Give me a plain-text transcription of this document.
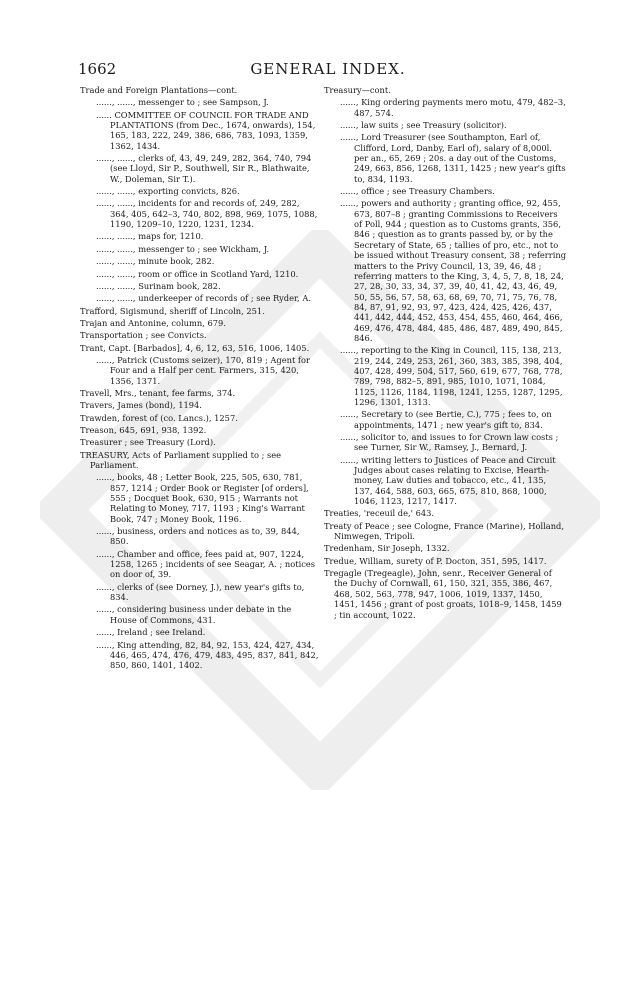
1662	GENERAL INDEX.
Trade and Foreign Plantations—cont.
......, ......, messenger to ; see Sampson, J.
...... COMMITTEE OF COUNCIL FOR TRADE AND PLANTATIONS (from Dec., 1674, onwards), 154, 165, 183, 222, 249, 386, 686, 783, 1093, 1359, 1362, 1434.
......, ......, clerks of, 43, 49, 249, 282, 364, 740, 794 (see Lloyd, Sir P., Southwell, Sir R., Blathwaite, W., Doleman, Sir T.).
......, ......, exporting convicts, 826.
......, ......, incidents for and records of, 249, 282, 364, 405, 642–3, 740, 802, 898, 969, 1075, 1088, 1190, 1209–10, 1220, 1231, 1234.
......, ......, maps for, 1210.
......, ......, messenger to ; see Wickham, J.
......, ......, minute book, 282.
......, ......, room or office in Scotland Yard, 1210.
......, ......, Surinam book, 282.
......, ......, underkeeper of records of ; see Ryder, A.
Trafford, Sigismund, sheriff of Lincoln, 251.
Trajan and Antonine, column, 679.
Transportation ; see Convicts.
Trant, Capt. [Barbados], 4, 6, 12, 63, 516, 1006, 1405.
......, Patrick (Customs seizer), 170, 819 ; Agent for Four and a Half per cent. Farmers, 315, 420, 1356, 1371.
Travell, Mrs., tenant, fee farms, 374.
Travers, James (bond), 1194.
Trawden, forest of (co. Lancs.), 1257.
Treason, 645, 691, 938, 1392.
Treasurer ; see Treasury (Lord).
TREASURY, Acts of Parliament supplied to ; see Parliament.
......, books, 48 ; Letter Book, 225, 505, 630, 781, 857, 1214 ; Order Book or Register [of orders], 555 ; Docquet Book, 630, 915 ; Warrants not Relating to Money, 717, 1193 ; King's Warrant Book, 747 ; Money Book, 1196.
......, business, orders and notices as to, 39, 844, 850.
......, Chamber and office, fees paid at, 907, 1224, 1258, 1265 ; incidents of see Seagar, A. ; notices on door of, 39.
......, clerks of (see Dorney, J.), new year's gifts to, 834.
......, considering business under debate in the House of Commons, 431.
......, Ireland ; see Ireland.
......, King attending, 82, 84, 92, 153, 424, 427, 434, 446, 465, 474, 476, 479, 483, 495, 837, 841, 842, 850, 860, 1401, 1402.
Treasury—cont.
......, King ordering payments mero motu, 479, 482–3, 487, 574.
......, law suits ; see Treasury (solicitor).
......, Lord Treasurer (see Southampton, Earl of, Clifford, Lord, Danby, Earl of), salary of 8,000l. per an., 65, 269 ; 20s. a day out of the Customs, 249, 663, 856, 1268, 1311, 1425 ; new year's gifts to, 834, 1193.
......, office ; see Treasury Chambers.
......, powers and authority ; granting office, 92, 455, 673, 807–8 ; granting Commissions to Receivers of Poll, 944 ; question as to Customs grants, 356, 846 ; question as to grants passed by, or by the Secretary of State, 65 ; tallies of pro, etc., not to be issued without Treasury consent, 38 ; referring matters to the Privy Council, 13, 39, 46, 48 ; referring matters to the King, 3, 4, 5, 7, 8, 18, 24, 27, 28, 30, 33, 34, 37, 39, 40, 41, 42, 43, 46, 49, 50, 55, 56, 57, 58, 63, 68, 69, 70, 71, 75, 76, 78, 84, 87, 91, 92, 93, 97, 423, 424, 425, 426, 437, 441, 442, 444, 452, 453, 454, 455, 460, 464, 466, 469, 476, 478, 484, 485, 486, 487, 489, 490, 845, 846.
......, reporting to the King in Council, 115, 138, 213, 219, 244, 249, 253, 261, 360, 383, 385, 398, 404, 407, 428, 499, 504, 517, 560, 619, 677, 768, 778, 789, 798, 882–5, 891, 985, 1010, 1071, 1084, 1125, 1126, 1184, 1198, 1241, 1255, 1287, 1295, 1296, 1301, 1313.
......, Secretary to (see Bertie, C.), 775 ; fees to, on appointments, 1471 ; new year's gift to, 834.
......, solicitor to, and issues to for Crown law costs ; see Turner, Sir W., Ramsey, J., Bernard, J.
......, writing letters to Justices of Peace and Circuit Judges about cases relating to Excise, Hearth-money, Law duties and tobacco, etc., 41, 135, 137, 464, 588, 603, 665, 675, 810, 868, 1000, 1046, 1123, 1217, 1417.
Treaties, 'receuil de,' 643.
Treaty of Peace ; see Cologne, France (Marine), Holland, Nimwegen, Tripoli.
Tredenham, Sir Joseph, 1332.
Tredue, William, surety of P. Docton, 351, 595, 1417.
Tregagle (Tregeagle), John, senr., Receiver General of the Duchy of Cornwall, 61, 150, 321, 355, 386, 467, 468, 502, 563, 778, 947, 1006, 1019, 1337, 1450, 1451, 1456 ; grant of post groats, 1018–9, 1458, 1459 ; tin account, 1022.
